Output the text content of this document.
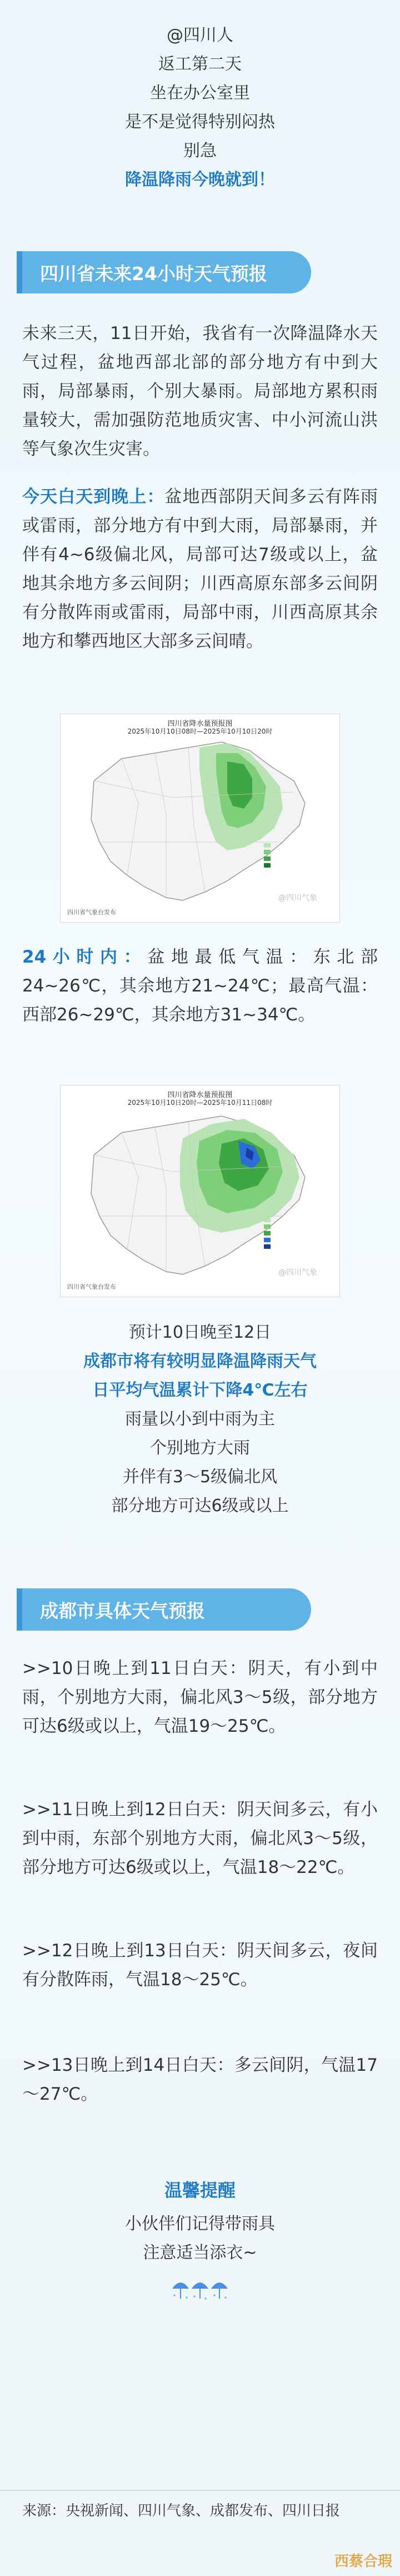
@四川人

返工第二天

坐在办公室里

是不是觉得特别闷热

别急

降温降雨今晚就到！

四川省未来24小时天气预报
未来三天，11日开始，我省有一次降温降水天气过程，盆地西部北部的部分地方有中到大雨，局部暴雨，个别大暴雨。局部地方累积雨量较大，需加强防范地质灾害、中小河流山洪等气象次生灾害。
今天白天到晚上：盆地西部阴天间多云有阵雨或雷雨，部分地方有中到大雨，局部暴雨，并伴有4~6级偏北风，局部可达7级或以上，盆地其余地方多云间阴；川西高原东部多云间阴有分散阵雨或雷雨，局部中雨，川西高原其余地方和攀西地区大部多云间晴。
四川省降水量预报图
2025年10月10日08时—2025年10月10日20时
四川省气象台发布
@四川气象
24小时内：盆地最低气温：东北部24~26℃，其余地方21~24℃；最高气温：西部26~29℃，其余地方31~34℃。
四川省降水量预报图
2025年10月10日20时—2025年10月11日08时
四川省气象台发布
@四川气象

预计10日晚至12日

成都市将有较明显降温降雨天气

日平均气温累计下降4℃左右

雨量以小到中雨为主

个别地方大雨

并伴有3～5级偏北风

部分地方可达6级或以上

成都市具体天气预报
>>10日晚上到11日白天：阴天，有小到中雨，个别地方大雨，偏北风3～5级，部分地方可达6级或以上，气温19～25℃。
>>11日晚上到12日白天：阴天间多云，有小到中雨，东部个别地方大雨，偏北风3～5级，部分地方可达6级或以上，气温18～22℃。
>>12日晚上到13日白天：阴天间多云，夜间有分散阵雨，气温18～25℃。
>>13日晚上到14日白天：多云间阴，气温17～27℃。
温馨提醒

小伙伴们记得带雨具

注意适当添衣~

来源：央视新闻、四川气象、成都发布、四川日报
西蔡合瑕
